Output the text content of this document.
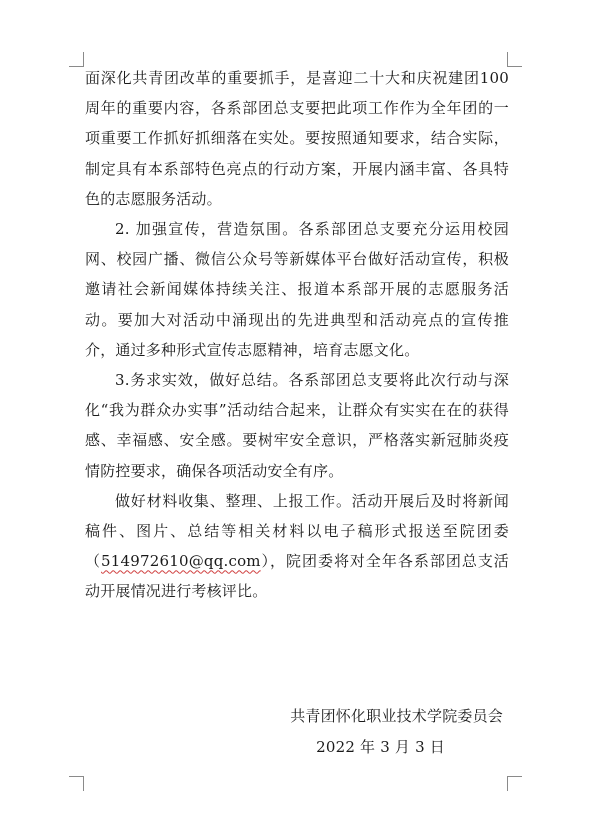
面深化共青团改革的重要抓手，是喜迎二十大和庆祝建团100周年的重要内容，各系部团总支要把此项工作作为全年团的一项重要工作抓好抓细落在实处。要按照通知要求，结合实际，制定具有本系部特色亮点的行动方案，开展内涵丰富、各具特色的志愿服务活动。

2. 加强宣传，营造氛围。各系部团总支要充分运用校园网、校园广播、微信公众号等新媒体平台做好活动宣传，积极邀请社会新闻媒体持续关注、报道本系部开展的志愿服务活动。要加大对活动中涌现出的先进典型和活动亮点的宣传推介，通过多种形式宣传志愿精神，培育志愿文化。

3.务求实效，做好总结。各系部团总支要将此次行动与深化“我为群众办实事”活动结合起来，让群众有实实在在的获得感、幸福感、安全感。要树牢安全意识，严格落实新冠肺炎疫情防控要求，确保各项活动安全有序。

做好材料收集、整理、上报工作。活动开展后及时将新闻稿件、图片、总结等相关材料以电子稿形式报送至院团委（514972610@qq.com），院团委将对全年各系部团总支活动开展情况进行考核评比。

共青团怀化职业技术学院委员会
2022 年 3 月 3 日
